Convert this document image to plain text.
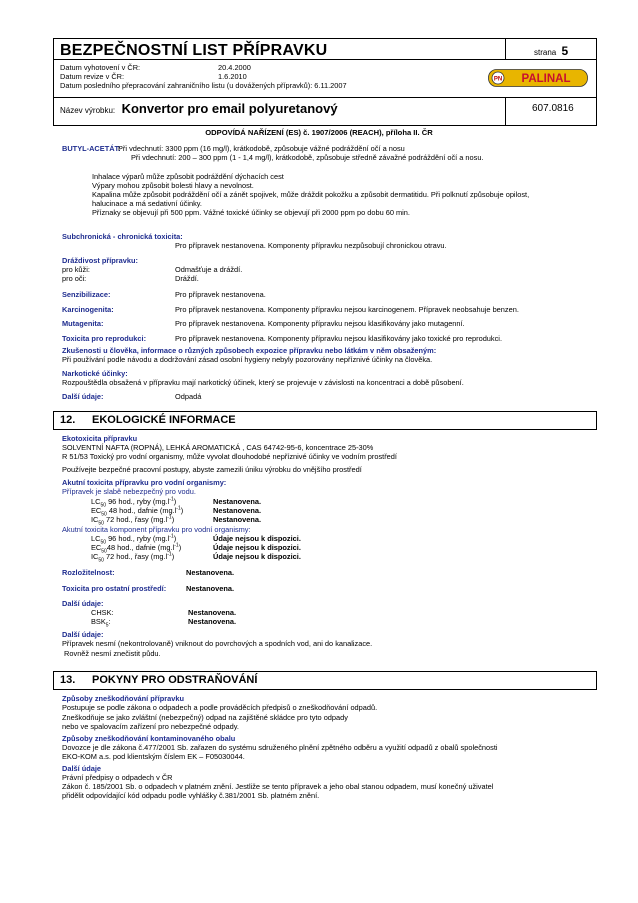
BEZPEČNOSTNÍ LIST PŘÍPRAVKU	strana 5
Datum vyhotovení v ČR:	20.4.2000
Datum revize v ČR:	1.6.2010
Datum posledního přepracování zahraničního listu (u dovážených přípravků): 6.11.2007
Název výrobku: Konvertor pro email polyuretanový	607.0816
PN PALINAL
ODPOVÍDÁ NAŘÍZENÍ (ES) č. 1907/2006 (REACH), příloha II. ČR
BUTYL-ACETÁT:
Při vdechnutí: 3300 ppm (16 mg/l), krátkodobě, způsobuje vážné podráždění očí a nosu
Při vdechnutí: 200 – 300 ppm (1 - 1,4 mg/l), krátkodobě, způsobuje středně závažné podráždění očí a nosu.
Inhalace výparů může způsobit podráždění dýchacích cest
Výpary mohou způsobit bolesti hlavy a nevolnost.
Kapalina může způsobit podráždění očí a zánět spojivek, může dráždit pokožku a způsobit dermatitidu. Při polknutí způsobuje opilost,
halucinace a má sedativní účinky.
Příznaky se objevují při 500 ppm. Vážné toxické účinky se objevují při 2000 ppm po dobu 60 min.
Subchronická - chronická toxicita:
Pro přípravek nestanovena. Komponenty přípravku nezpůsobují chronickou otravu.
Dráždivost přípravku:
pro kůži:	Odmašťuje a dráždí.
pro oči:	Dráždí.
Senzibilizace:	Pro přípravek nestanovena.
Karcinogenita:	Pro přípravek nestanovena. Komponenty přípravku nejsou karcinogenem. Přípravek neobsahuje benzen.
Mutagenita:	Pro přípravek nestanovena. Komponenty přípravku nejsou klasifikovány jako mutagenní.
Toxicita pro reprodukci:	Pro přípravek nestanovena. Komponenty přípravku nejsou klasifikovány jako toxické pro reprodukci.
Zkušenosti u člověka, informace o různých způsobech expozice přípravku nebo látkám v něm obsaženým:
Při používání podle návodu a dodržování zásad osobní hygieny nebyly pozorovány nepříznivé účinky na člověka.
Narkotické účinky:
Rozpouštědla obsažená v přípravku mají narkotický účinek, který se projevuje v závislosti na koncentraci a době působení.
Další údaje:	Odpadá
12. EKOLOGICKÉ INFORMACE
Ekotoxicita přípravku
SOLVENTNÍ NAFTA (ROPNÁ), LEHKÁ AROMATICKÁ , CAS 64742-95-6, koncentrace 25-30%
R 51/53 Toxický pro vodní organismy, může vyvolat dlouhodobé nepříznivé účinky ve vodním prostředí
Používejte bezpečné pracovní postupy, abyste zamezili úniku výrobku do vnějšího prostředí
Akutní toxicita přípravku pro vodní organismy:
Přípravek je slabě nebezpečný pro vodu.
$LC_{50}$ 96 hod., ryby $(mg.l^{-1})$	Nestanovena.
$EC_{50}$ 48 hod., dafnie $(mg.l^{-1})$	Nestanovena.
$IC_{50}$ 72 hod., řasy $(mg.l^{-1})$	Nestanovena.
Akutní toxicita komponent přípravku pro vodní organismy:
$LC_{50}$ 96 hod., ryby $(mg.l^{-1})$	Údaje nejsou k dispozici.
$EC_{50}48$ hod., dafnie $(mg.l^{-1})$	Údaje nejsou k dispozici.
$IC_{50}$ 72 hod., řasy $(mg.l^{-1})$	Údaje nejsou k dispozici.
Rozložitelnost:	Nestanovena.
Toxicita pro ostatní prostředí:	Nestanovena.
Další údaje:
CHSK:	Nestanovena.
$BSK_5$:	Nestanovena.
Další údaje:
Přípravek nesmí (nekontrolovaně) vniknout do povrchových a spodních vod, ani do kanalizace.
Rovněž nesmí znečistit půdu.
13. POKYNY PRO ODSTRAŇOVÁNÍ
Způsoby zneškodňování přípravku
Postupuje se podle zákona o odpadech a podle prováděcích předpisů o zneškodňování odpadů.
Zneškodňuje se jako zvláštní (nebezpečný) odpad na zajištěné skládce pro tyto odpady
nebo ve spalovacím zařízení pro nebezpečné odpady.
Způsoby zneškodňování kontaminovaného obalu
Dovozce je dle zákona č.477/2001 Sb. zařazen do systému sdruženého plnění zpětného odběru a využití odpadů z obalů společnosti
EKO-KOM a.s. pod klientským číslem EK – F05030044.
Další údaje
Právní předpisy o odpadech v ČR
Zákon č. 185/2001 Sb. o odpadech v platném znění. Jestliže se tento přípravek a jeho obal stanou odpadem, musí konečný uživatel
přidělit odpovídající kód odpadu podle vyhlášky č.381/2001 Sb. platném znění.
